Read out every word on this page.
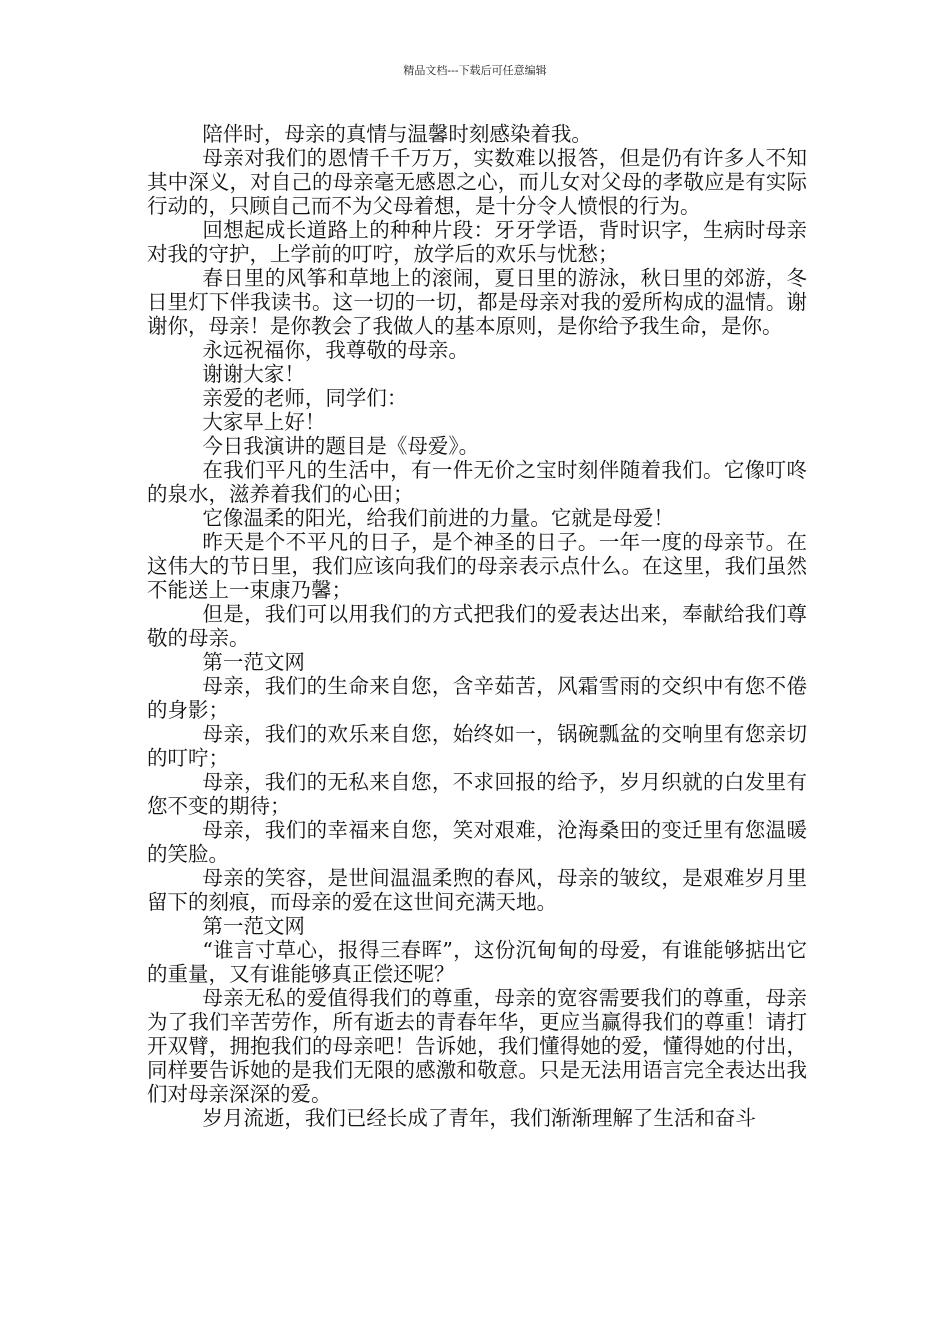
精品文档---下载后可任意编辑

陪伴时，母亲的真情与温馨时刻感染着我。

母亲对我们的恩情千千万万，实数难以报答，但是仍有许多人不知其中深义，对自己的母亲毫无感恩之心，而儿女对父母的孝敬应是有实际行动的，只顾自己而不为父母着想，是十分令人愤恨的行为。

回想起成长道路上的种种片段：牙牙学语，背时识字，生病时母亲对我的守护，上学前的叮咛，放学后的欢乐与忧愁；

春日里的风筝和草地上的滚闹，夏日里的游泳，秋日里的郊游，冬日里灯下伴我读书。这一切的一切，都是母亲对我的爱所构成的温情。谢谢你，母亲！是你教会了我做人的基本原则，是你给予我生命，是你。

永远祝福你，我尊敬的母亲。

谢谢大家！

亲爱的老师，同学们：

大家早上好！

今日我演讲的题目是《母爱》。

在我们平凡的生活中，有一件无价之宝时刻伴随着我们。它像叮咚的泉水，滋养着我们的心田；

它像温柔的阳光，给我们前进的力量。它就是母爱！

昨天是个不平凡的日子，是个神圣的日子。一年一度的母亲节。在这伟大的节日里，我们应该向我们的母亲表示点什么。在这里，我们虽然不能送上一束康乃馨；

但是，我们可以用我们的方式把我们的爱表达出来，奉献给我们尊敬的母亲。

第一范文网

母亲，我们的生命来自您，含辛茹苦，风霜雪雨的交织中有您不倦的身影；

母亲，我们的欢乐来自您，始终如一，锅碗瓢盆的交响里有您亲切的叮咛；

母亲，我们的无私来自您，不求回报的给予，岁月织就的白发里有您不变的期待；

母亲，我们的幸福来自您，笑对艰难，沧海桑田的变迁里有您温暖的笑脸。

母亲的笑容，是世间温温柔煦的春风，母亲的皱纹，是艰难岁月里留下的刻痕，而母亲的爱在这世间充满天地。

第一范文网

“谁言寸草心，报得三春晖”，这份沉甸甸的母爱，有谁能够掂出它的重量，又有谁能够真正偿还呢？

母亲无私的爱值得我们的尊重，母亲的宽容需要我们的尊重，母亲为了我们辛苦劳作，所有逝去的青春年华，更应当赢得我们的尊重！请打开双臂，拥抱我们的母亲吧！告诉她，我们懂得她的爱，懂得她的付出，同样要告诉她的是我们无限的感激和敬意。只是无法用语言完全表达出我们对母亲深深的爱。

岁月流逝，我们已经长成了青年，我们渐渐理解了生活和奋斗
